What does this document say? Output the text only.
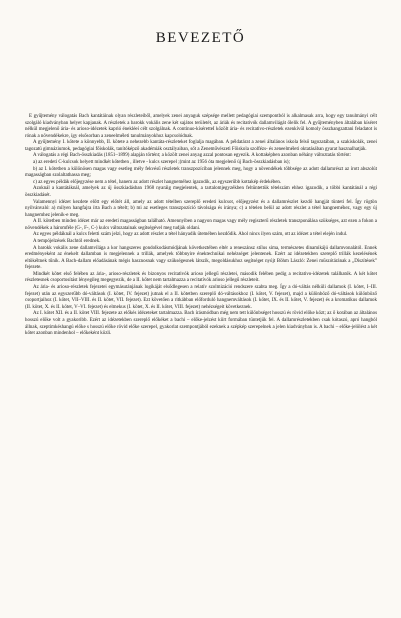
BEVEZETŐ

E gyűjtemény válogatás Bach kantátáinak olyan részleteiből, amelyek zenei anyaguk szépsége mellett pedagógiai szempontból is alkalmasak arra, hogy egy tanulmányi célt szolgáló kiadványban helyet kapjanak. A részletek a barokk vokális zene két sajátos területét, az áriák és recitativók dallamvilágát ölelik fel. A gyűjteményben általában kíséret nélkül megjelenő ária- és arioso-idézetek kaprió énekléeí célt szolgálnak. A continuo-kíséretteI közölt ária- és recitativo-részletek ezenkívül komoly összhangzattani feladatot is rónak a növendékekre, így elsősorban a zeneelméleti tanulmányokhoz kapcsolódnak.

A gyűjtemény I. kötete a könnyebb, II. kötete a nehezebb kantáta-részleteket foglalja magában. A példatárat a zenei általános iskola felső tagozatában, a szakiskolák, zenei tagozatú gimnáziumok, pedagógiai főiskolák, tanítóképző akadémiák osztályaiban, sőt a Zeneművészeti Főiskola szolfézs- és zeneelméleti oktatásában gyarat hasznalhatják.

A válogatás a régi Bach-összkiadás (1851–1899) alapján történt; a közölt zenei anyag azzal pontosan egyezik. A kottaképben azonban néhány változtatás történt:

a) az eredeti C-kulcsok helyett mindkét kötetben , illetve - kulcs szerepel ;(mint az 1956 óta megjelenő új Bach-összkiadásban is);

b) az I. kötetben a különösen magas vagy esetleg mély fekvésű részletek transzpozíciban jelennek meg, hogy a növendékek többsége az adott dallamrészt az írott abszolút magasságban szolaltathassa meg;

c) az egyes példák előjegyzése nem a tétel, hanem az adott részlet hangneméhez igazodik, az egyszerűbb kottakép érdekében.

Azoknál a kantátáknál, amelyek az új összkiadásban 1968 nyaráig megjelentek, a tartalomjegyzékben feltüntettük tételszám ehhez igazodik, a többi kantátánál a régi összkiadásét.

Valamennyi idézet kezdete előtt egy előtét áll, amely az adott tételben szereplő eredeti kulcsot, előjegyzést és a dallamrészlet kezdő hangját tünteti fel. Így rögtön nyilvánvaló: a) milyen hangfajra írta Bach a tételt; b) mi az esetleges transzpozíció távolsága és iránya; c) a tételen belül az adott részlet a tétel hangneméhez, vagy egy új hangnemhez jelenik-e meg.

A II. kötetben minden idézet már az eredeti magasságban található. Amennyiben a nagyon magas vagy mély regiszterű részletek transzponálása szükséges, azt ezen a fokon a növendékek a háromféle (G-, F-, C-) kulcs változatainak segítségével meg tudják oldani.

Az egyes példáknál a kulcs feletti szám jelzi, hogy az adott részlet a tétel hányadik ütemében kezdődik. Ahol nincs ilyen szám, ott az idézet a tétel elején indul.

A tempójelzések Bachtól erednek.

A barokk vokális zene dallamvilága a kor hangszeres gondolkodásmódjának következtében eltér a reneszánsz stílus sima, természetes dinamikájú dallamvonalától. Ennek eredményeként az énekelt dallamban is megjelennek a trillák, amelyek többnyire énektechnikai nehézséget jelentenek. Ezért az idézetekben szereplő trillák kezelésének eltökéltnek tűnik. A Bach-dallam előadásának mégis hasznosnak vagy szükségesnek látszik, megoldásukhoz segítséget nyújt Böhm László: Zenei műszótárának a „Díszítések” fejezete.

Mindkét kötet első felében az ária-, arioso-részletek és bizonyos recitativók arioso jellegű részletei, második felében pedig a recitativo-idézetek találhatók. A két kötet részletesnek csoportosítást lényegileg megegyezik, de a II. kötet nem tartalmazza a recitatívók arioso jellegű részleteit.

Az ária- és arioso-részletek fejezetei egymásutánjának logikáját elsődlegesen a relatív szolmizáció rendszere szabta meg. Így a dó-váltás nélküli dallamok (I. kötet, I–III. fejezet) után az egyszerűbb dó-váltások (I. kötet, IV. fejezet) jutnak el a II. kötetben szereplő dó-váltásokhoz (I. kötet, V. fejezet), majd a különböző dó-váltások különböző csoportjaihoz (I. kötet, VII–VIII. és II. kötet, VII. fejezet). Ezt követően a ritkábban előforduló hangnemváltások (I. kötet, IX. és II. kötet, V. fejezet) és a kromatikus dallamok (II. kötet, X. és II. kötet, V–VI. fejezet) és elmekus (I. kötet, X. és II. kötet, VIII. fejezet) nehézségeit következnek.

Az I. kötet XII. és a II. kötet VIII. fejezete az előkés idézeteket tartalmazza. Bach írásmódban még nem tett különbséget hosszú és rövid előke közt; az ő korában az általános hosszú előke volt a gyakoribb. Ezért az idézetekben szereplő előkéket a bachi – előke-jelzést kiírt formában tüntetjük fel. A dallamrészletekben csak kótaszó, apró hangból állnak, szeptimkéshangú előke s hosszú előke rövid előke szerepel, gyakorlat szempontjából ezeknek a szépkép szerepelnek a jelen kiadványban is. A bachi – előke-jelölést a két kötet azonban mindenhol – előkeként közli.
